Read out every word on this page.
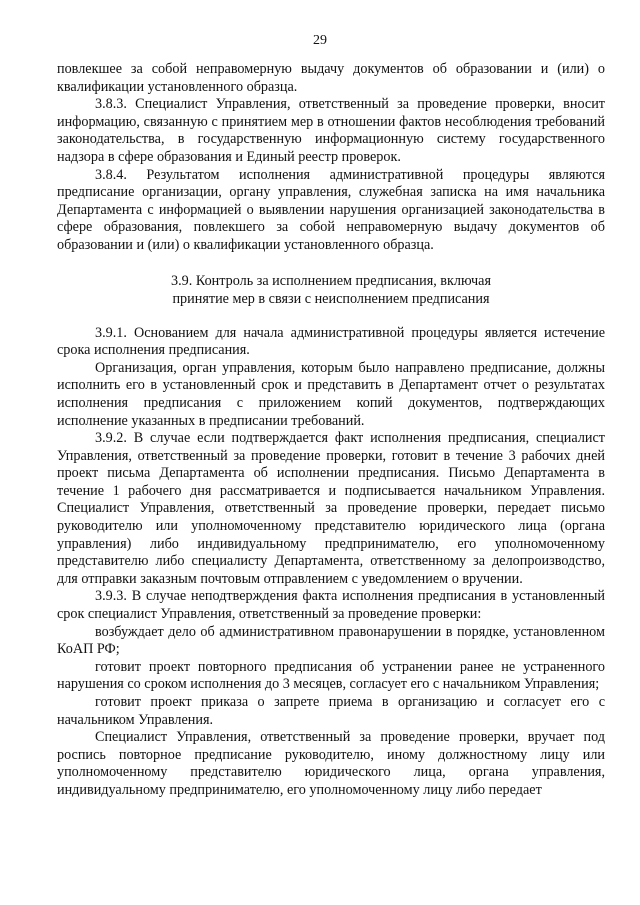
29

повлекшее за собой неправомерную выдачу документов об образовании и (или) о квалификации установленного образца.

3.8.3. Специалист Управления, ответственный за проведение проверки, вносит информацию, связанную с принятием мер в отношении фактов несоблюдения требований законодательства, в государственную информационную систему государственного надзора в сфере образования и Единый реестр проверок.

3.8.4. Результатом исполнения административной процедуры являются предписание организации, органу управления, служебная записка на имя начальника Департамента с информацией о выявлении нарушения организацией законодательства в сфере образования, повлекшего за собой неправомерную выдачу документов об образовании и (или) о квалификации установленного образца.

3.9. Контроль за исполнением предписания, включая
принятие мер в связи с неисполнением предписания

3.9.1. Основанием для начала административной процедуры является истечение срока исполнения предписания.

Организация, орган управления, которым было направлено предписание, должны исполнить его в установленный срок и представить в Департамент отчет о результатах исполнения предписания с приложением копий документов, подтверждающих исполнение указанных в предписании требований.

3.9.2. В случае если подтверждается факт исполнения предписания, специалист Управления, ответственный за проведение проверки, готовит в течение 3 рабочих дней проект письма Департамента об исполнении предписания. Письмо Департамента в течение 1 рабочего дня рассматривается и подписывается начальником Управления. Специалист Управления, ответственный за проведение проверки, передает письмо руководителю или уполномоченному представителю юридического лица (органа управления) либо индивидуальному предпринимателю, его уполномоченному представителю либо специалисту Департамента, ответственному за делопроизводство, для отправки заказным почтовым отправлением с уведомлением о вручении.

3.9.3. В случае неподтверждения факта исполнения предписания в установленный срок специалист Управления, ответственный за проведение проверки:

возбуждает дело об административном правонарушении в порядке, установленном КоАП РФ;

готовит проект повторного предписания об устранении ранее не устраненного нарушения со сроком исполнения до 3 месяцев, согласует его с начальником Управления;

готовит проект приказа о запрете приема в организацию и согласует его с начальником Управления.

Специалист Управления, ответственный за проведение проверки, вручает под роспись повторное предписание руководителю, иному должностному лицу или уполномоченному представителю юридического лица, органа управления, индивидуальному предпринимателю, его уполномоченному лицу либо передает
